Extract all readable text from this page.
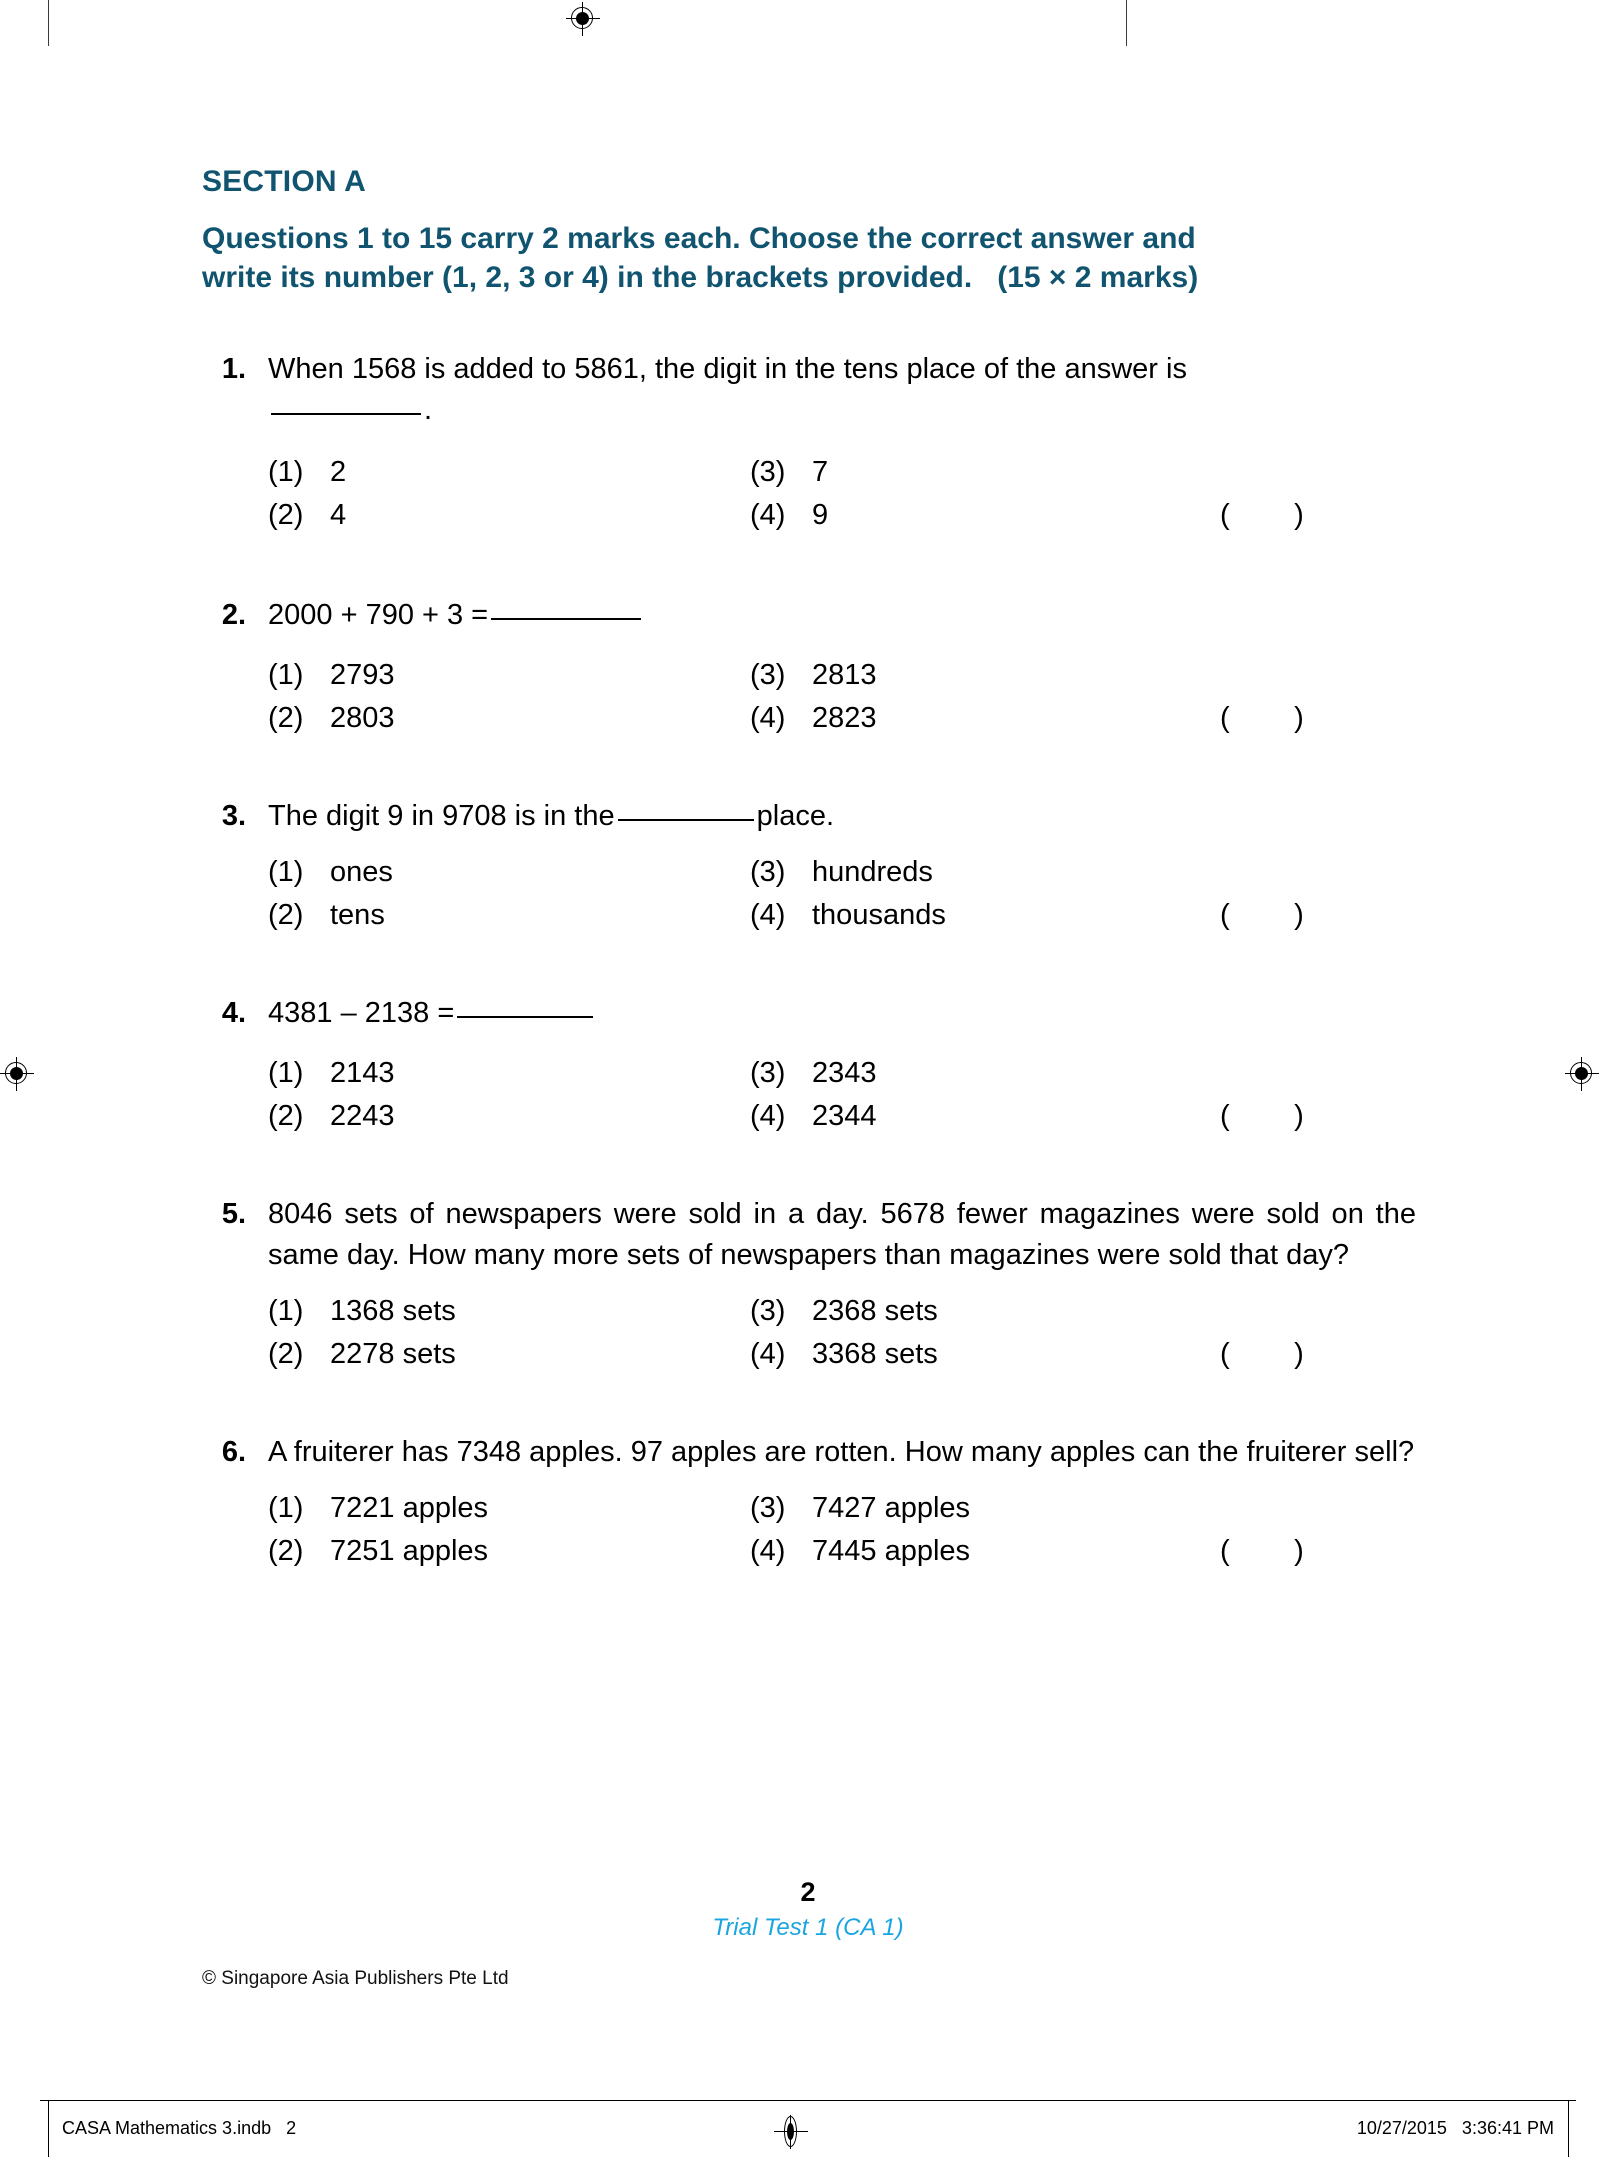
SECTION A
Questions 1 to 15 carry 2 marks each. Choose the correct answer and
write its number (1, 2, 3 or 4) in the brackets provided. (15 × 2 marks)
1. When 1568 is added to 5861, the digit in the tens place of the answer is
.
(1) 2	(3) 7
(2) 4	(4) 9	(        )
2. 2000 + 790 + 3 =
(1) 2793	(3) 2813
(2) 2803	(4) 2823	(        )
3. The digit 9 in 9708 is in the	place.
(1) ones	(3) hundreds
(2) tens	(4) thousands	(        )
4. 4381 – 2138 =
(1) 2143	(3) 2343
(2) 2243	(4) 2344	(        )
5. 8046 sets of newspapers were sold in a day. 5678 fewer magazines were sold on the same day. How many more sets of newspapers than magazines were sold that day?
(1) 1368 sets	(3) 2368 sets
(2) 2278 sets	(4) 3368 sets	(        )
6. A fruiterer has 7348 apples. 97 apples are rotten. How many apples can the fruiterer sell?
(1) 7221 apples	(3) 7427 apples
(2) 7251 apples	(4) 7445 apples	(        )
2
Trial Test 1 (CA 1)
© Singapore Asia Publishers Pte Ltd
CASA Mathematics 3.indb   2	10/27/2015   3:36:41 PM
